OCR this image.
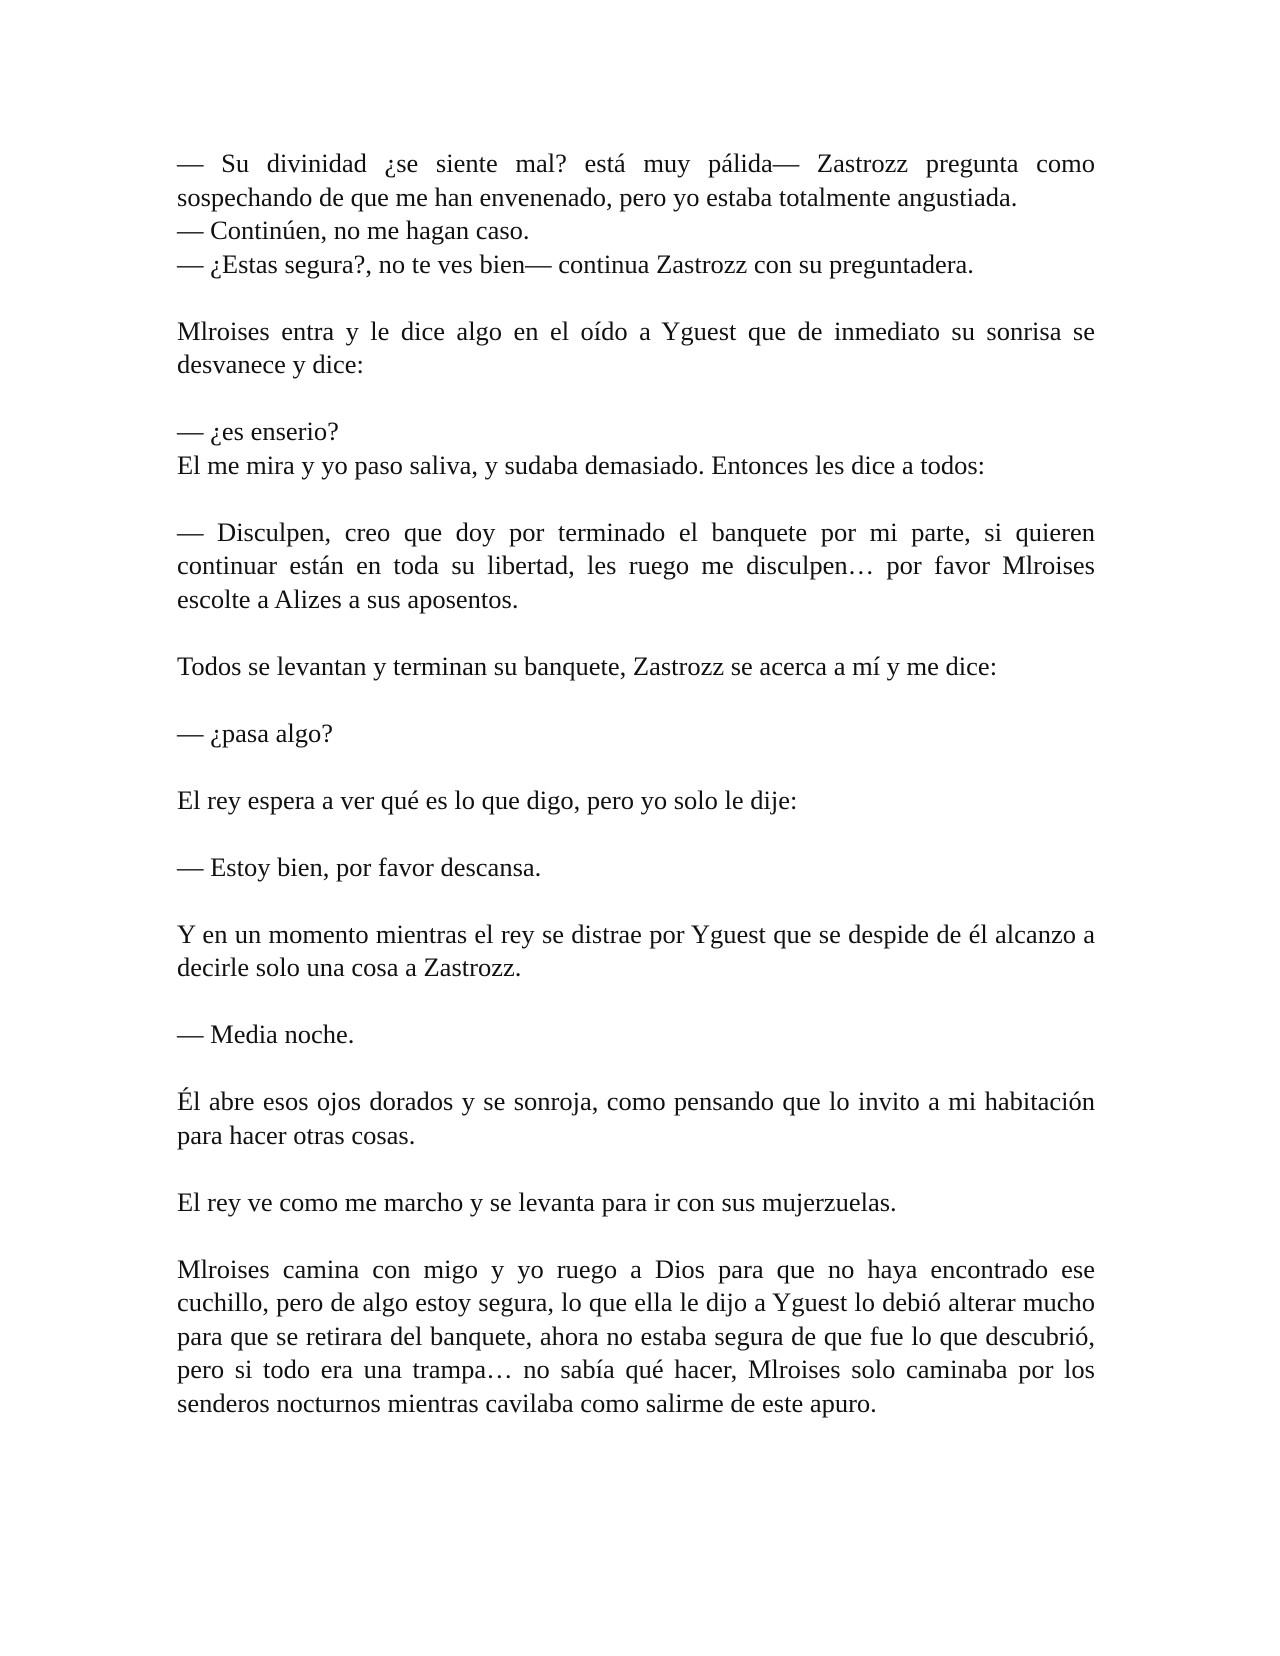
— Su divinidad ¿se siente mal? está muy pálida— Zastrozz pregunta como sospechando de que me han envenenado, pero yo estaba totalmente angustiada.
— Continúen, no me hagan caso.
— ¿Estas segura?, no te ves bien— continua Zastrozz con su preguntadera.

Mlroises entra y le dice algo en el oído a Yguest que de inmediato su sonrisa se desvanece y dice:

— ¿es enserio?
El me mira y yo paso saliva, y sudaba demasiado. Entonces les dice a todos:

— Disculpen, creo que doy por terminado el banquete por mi parte, si quieren continuar están en toda su libertad, les ruego me disculpen… por favor Mlroises escolte a Alizes a sus aposentos.

Todos se levantan y terminan su banquete, Zastrozz se acerca a mí y me dice:

— ¿pasa algo?

El rey espera a ver qué es lo que digo, pero yo solo le dije:

— Estoy bien, por favor descansa.

Y en un momento mientras el rey se distrae por Yguest que se despide de él alcanzo a decirle solo una cosa a Zastrozz.

— Media noche.

Él abre esos ojos dorados y se sonroja, como pensando que lo invito a mi habitación para hacer otras cosas.

El rey ve como me marcho y se levanta para ir con sus mujerzuelas.

Mlroises camina con migo y yo ruego a Dios para que no haya encontrado ese cuchillo, pero de algo estoy segura, lo que ella le dijo a Yguest lo debió alterar mucho para que se retirara del banquete, ahora no estaba segura de que fue lo que descubrió, pero si todo era una trampa… no sabía qué hacer, Mlroises solo caminaba por los senderos nocturnos mientras cavilaba como salirme de este apuro.
